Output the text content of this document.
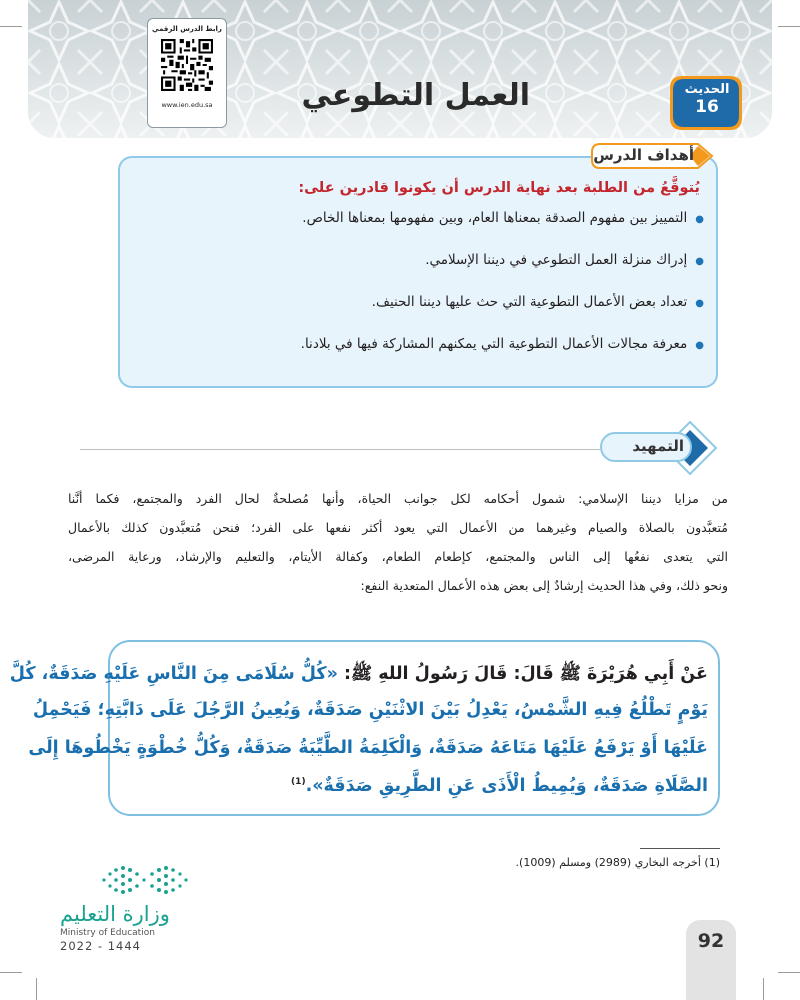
رابط الدرس الرقمي
www.ien.edu.sa	العمل التطوعي	الحديث
16
أهداف الدرس
يُتوقَّعُ من الطلبة بعد نهاية الدرس أن يكونوا قادرين على:
● التمييز بين مفهوم الصدقة بمعناها العام، وبين مفهومها بمعناها الخاص.
● إدراك منزلة العمل التطوعي في ديننا الإسلامي.
● تعداد بعض الأعمال التطوعية التي حث عليها ديننا الحنيف.
● معرفة مجالات الأعمال التطوعية التي يمكنهم المشاركة فيها في بلادنا.
التمهيد
من مزايا ديننا الإسلامي: شمول أحكامه لكل جوانب الحياة، وأنها مُصلحةٌ لحال الفرد والمجتمع، فكما أنَّنا
مُتعبَّدون بالصلاة والصيام وغيرهما من الأعمال التي يعود أكثر نفعها على الفرد؛ فنحن مُتعبَّدون كذلك بالأعمال
التي يتعدى نفعُها إلى الناس والمجتمع، كإطعام الطعام، وكفالة الأيتام، والتعليم والإرشاد، ورعاية المرضى،
ونحو ذلك، وفي هذا الحديث إرشادٌ إلى بعض هذه الأعمال المتعدية النفع:
عَنْ أَبِي هُرَيْرَةَ ﷺ قَالَ: قَالَ رَسُولُ اللهِ ﷺ: «كُلُّ سُلَامَى مِنَ النَّاسِ عَلَيْهِ صَدَقَةٌ، كُلَّ
يَوْمٍ تَطْلُعُ فِيهِ الشَّمْسُ، يَعْدِلُ بَيْنَ الاثْنَيْنِ صَدَقَةٌ، وَيُعِينُ الرَّجُلَ عَلَى دَابَّتِهِ؛ فَيَحْمِلُ
عَلَيْهَا أَوْ يَرْفَعُ عَلَيْهَا مَتَاعَهُ صَدَقَةٌ، وَالْكَلِمَةُ الطَّيِّبَةُ صَدَقَةٌ، وَكُلُّ خُطْوَةٍ يَخْطُوهَا إِلَى
الصَّلَاةِ صَدَقَةٌ، وَيُمِيطُ الْأَذَى عَنِ الطَّرِيقِ صَدَقَةٌ».$^{(1)}$
(1) أخرجه البخاري (2989) ومسلم (1009).
وزارة التعليم
Ministry of Education
2022 - 1444	92
